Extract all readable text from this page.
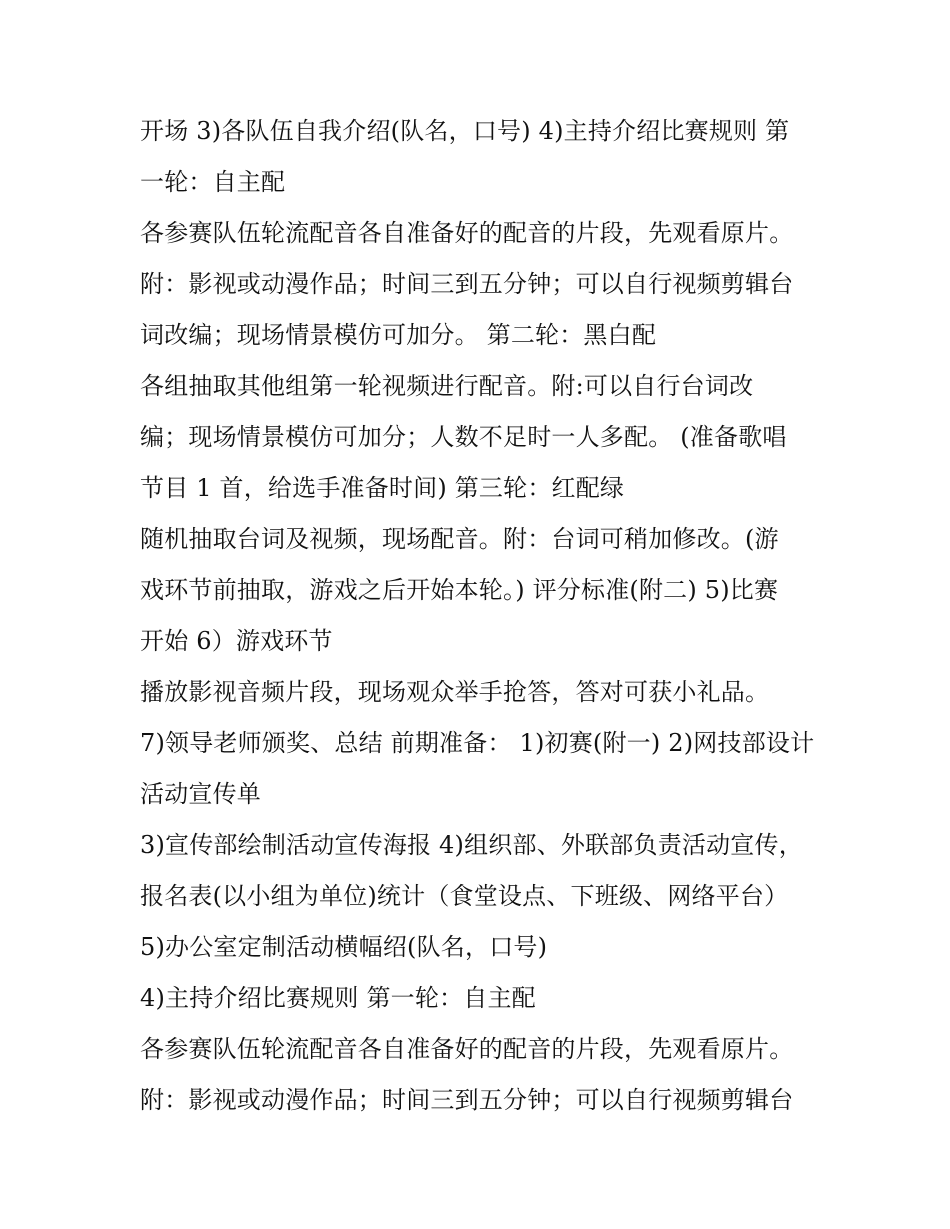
开场 3)各队伍自我介绍(队名，口号) 4)主持介绍比赛规则 第
一轮：自主配
各参赛队伍轮流配音各自准备好的配音的片段，先观看原片。
附：影视或动漫作品；时间三到五分钟；可以自行视频剪辑台
词改编；现场情景模仿可加分。 第二轮：黑白配
各组抽取其他组第一轮视频进行配音。附:可以自行台词改
编；现场情景模仿可加分；人数不足时一人多配。 (准备歌唱
节目 1 首，给选手准备时间) 第三轮：红配绿
随机抽取台词及视频，现场配音。附：台词可稍加修改。(游
戏环节前抽取，游戏之后开始本轮。) 评分标准(附二) 5)比赛
开始 6）游戏环节
播放影视音频片段，现场观众举手抢答，答对可获小礼品。
7)领导老师颁奖、总结 前期准备： 1)初赛(附一) 2)网技部设计
活动宣传单
3)宣传部绘制活动宣传海报 4)组织部、外联部负责活动宣传，
报名表(以小组为单位)统计（食堂设点、下班级、网络平台）
5)办公室定制活动横幅绍(队名，口号)
4)主持介绍比赛规则 第一轮：自主配
各参赛队伍轮流配音各自准备好的配音的片段，先观看原片。
附：影视或动漫作品；时间三到五分钟；可以自行视频剪辑台
